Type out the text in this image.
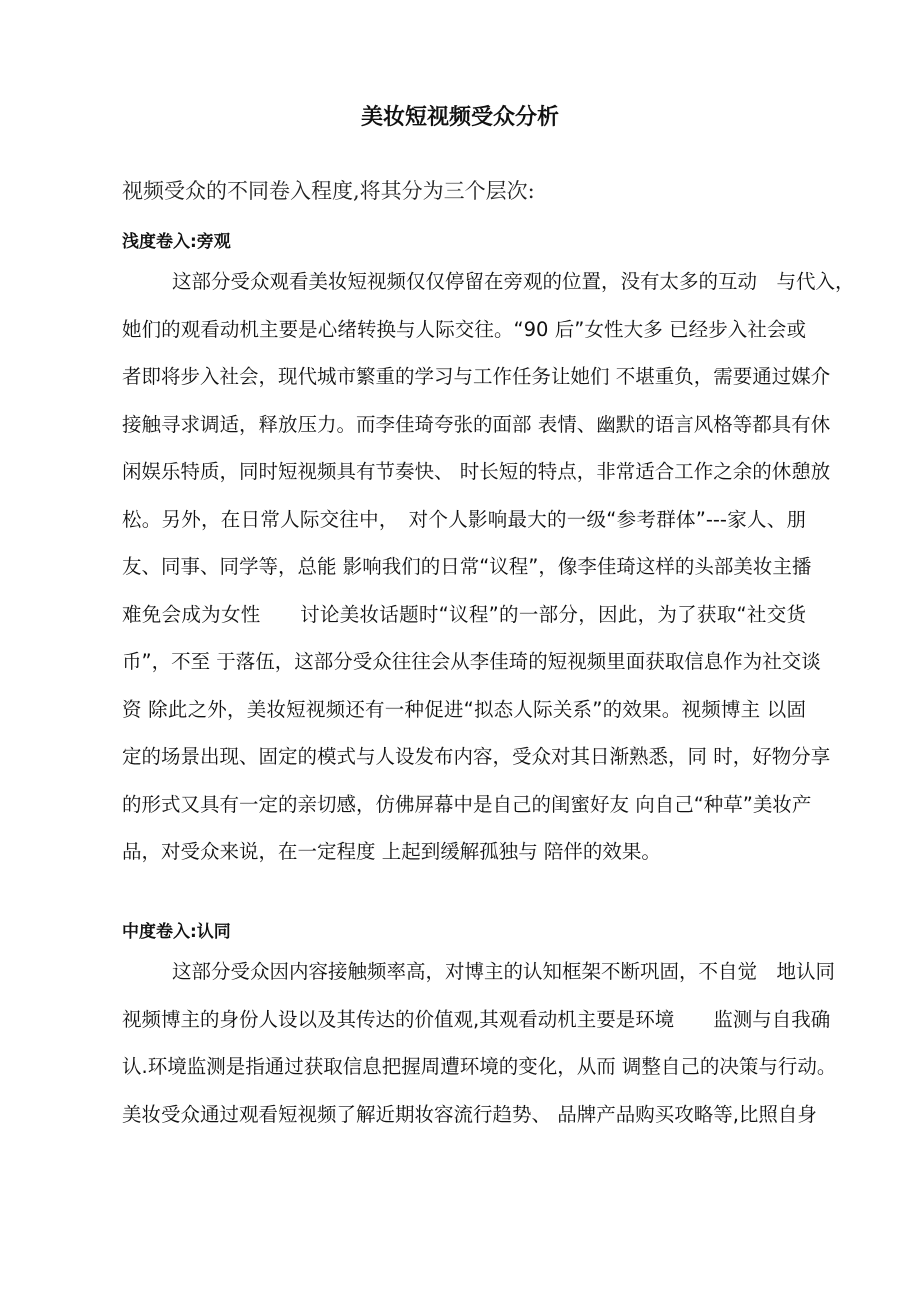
美妆短视频受众分析
视频受众的不同卷入程度,将其分为三个层次:
浅度卷入:旁观
这部分受众观看美妆短视频仅仅停留在旁观的位置，没有太多的互动　与代入，
她们的观看动机主要是心绪转换与人际交往。“90 后”女性大多 已经步入社会或
者即将步入社会，现代城市繁重的学习与工作任务让她们 不堪重负，需要通过媒介
接触寻求调适，释放压力。而李佳琦夸张的面部 表情、幽默的语言风格等都具有休
闲娱乐特质，同时短视频具有节奏快、 时长短的特点，非常适合工作之余的休憩放
松。另外，在日常人际交往中，　对个人影响最大的一级“参考群体”---家人、朋
友、同事、同学等，总能 影响我们的日常“议程”，像李佳琦这样的头部美妆主播
难免会成为女性　　讨论美妆话题时“议程”的一部分，因此，为了获取“社交货
币”，不至 于落伍，这部分受众往往会从李佳琦的短视频里面获取信息作为社交谈
资 除此之外，美妆短视频还有一种促进“拟态人际关系”的效果。视频博主 以固
定的场景出现、固定的模式与人设发布内容，受众对其日渐熟悉，同 时，好物分享
的形式又具有一定的亲切感，仿佛屏幕中是自己的闺蜜好友 向自己“种草”美妆产
品，对受众来说，在一定程度 上起到缓解孤独与 陪伴的效果。
中度卷入:认同
这部分受众因内容接触频率高，对博主的认知框架不断巩固，不自觉　地认同
视频博主的身份人设以及其传达的价值观,其观看动机主要是环境　　监测与自我确
认.环境监测是指通过获取信息把握周遭环境的变化，从而 调整自己的决策与行动。
美妆受众通过观看短视频了解近期妆容流行趋势、 品牌产品购买攻略等,比照自身
